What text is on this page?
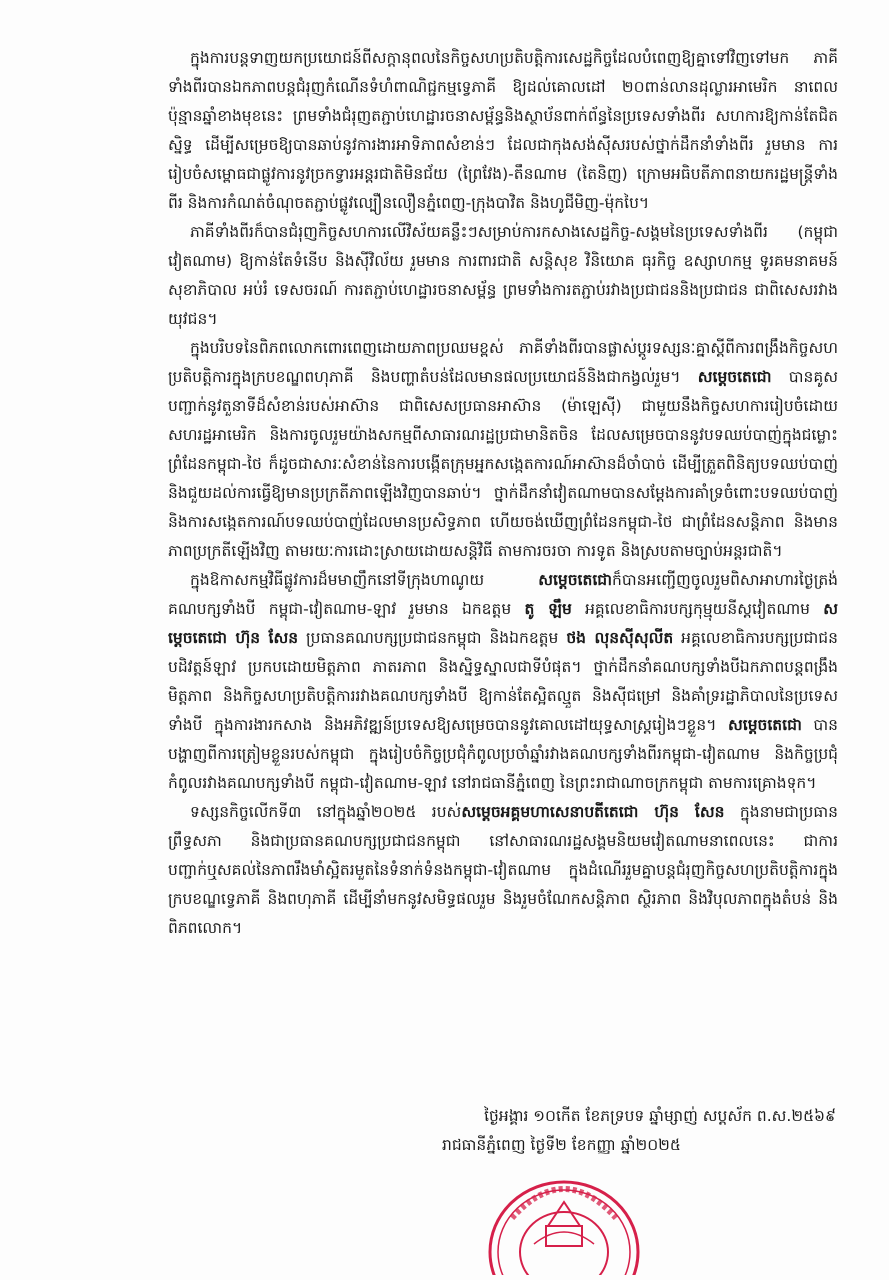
ក្នុងការបន្តទាញយកប្រយោជន៍ពីសក្តានុពលនៃកិច្ចសហប្រតិបត្តិការសេដ្ឋកិច្ចដែលបំពេញឱ្យគ្នាទៅវិញទៅមក ភាគីទាំងពីរបានឯកភាពបន្តជំរុញកំណើនទំហំពាណិជ្ជកម្មទ្វេភាគី ឱ្យដល់គោលដៅ ២០ពាន់លានដុល្លារអាមេរិក នាពេលប៉ុន្មានឆ្នាំខាងមុខនេះ ព្រមទាំងជំរុញតភ្ជាប់ហេដ្ឋារចនាសម្ព័ន្ធនិងស្ថាប័នពាក់ព័ន្ធនៃប្រទេសទាំងពីរ សហការឱ្យកាន់តែជិតស្និទ្ធ ដើម្បីសម្រេចឱ្យបានឆាប់នូវការងារអាទិភាពសំខាន់ៗ ដែលជាកុងសង់ស៊ីសរបស់ថ្នាក់ដឹកនាំទាំងពីរ រួមមាន ការរៀបចំសម្ពោធជាផ្លូវការនូវច្រកទ្វារអន្តរជាតិមិនជ័យ (ព្រៃវែង)-តឹនណាម (តៃនិញ) ក្រោមអធិបតីភាពនាយករដ្ឋមន្ត្រីទាំងពីរ និងការកំណត់ចំណុចតភ្ជាប់ផ្លូវល្បឿនលឿនភ្នំពេញ-ក្រុងបាវិត និងហូជីមិញ-ម៉ុកបៃ។

ភាគីទាំងពីរក៏បានជំរុញកិច្ចសហការលើវិស័យគន្លឹះៗសម្រាប់ការកសាងសេដ្ឋកិច្ច-សង្គមនៃប្រទេសទាំងពីរ (កម្ពុជា វៀតណាម) ឱ្យកាន់តែទំនើប និងស៊ីវិល័យ រួមមាន ការពារជាតិ សន្តិសុខ វិនិយោគ ធុរកិច្ច ឧស្សាហកម្ម ទូរគមនាគមន៍ សុខាភិបាល អប់រំ ទេសចរណ៍ ការតភ្ជាប់ហេដ្ឋារចនាសម្ព័ន្ធ ព្រមទាំងការតភ្ជាប់រវាងប្រជាជននិងប្រជាជន ជាពិសេសរវាងយុវជន។

ក្នុងបរិបទនៃពិភពលោកពោរពេញដោយភាពប្រឈមខ្ពស់ ភាគីទាំងពីរបានផ្លាស់ប្តូរទស្សនៈគ្នាស្តីពីការពង្រឹងកិច្ចសហប្រតិបត្តិការក្នុងក្របខណ្ឌពហុភាគី និងបញ្ហាតំបន់ដែលមានផលប្រយោជន៍និងជាកង្វល់រួម។ សម្តេចតេជោ បានគូសបញ្ជាក់នូវតួនាទីដ៏សំខាន់របស់អាស៊ាន ជាពិសេសប្រធានអាស៊ាន (ម៉ាឡេស៊ី) ជាមួយនឹងកិច្ចសហការរៀបចំដោយសហរដ្ឋអាមេរិក និងការចូលរួមយ៉ាងសកម្មពីសាធារណរដ្ឋប្រជាមានិតចិន ដែលសម្រេចបាននូវបទឈប់បាញ់ក្នុងជម្លោះព្រំដែនកម្ពុជា-ថៃ ក៏ដូចជាសារៈសំខាន់នៃការបង្កើតក្រុមអ្នកសង្កេតការណ៍អាស៊ានដ៏ចាំបាច់ ដើម្បីត្រួតពិនិត្យបទឈប់បាញ់ និងជួយដល់ការធ្វើឱ្យមានប្រក្រតីភាពឡើងវិញបានឆាប់។ ថ្នាក់ដឹកនាំវៀតណាមបានសម្តែងការគាំទ្រចំពោះបទឈប់បាញ់និងការសង្កេតការណ៍បទឈប់បាញ់ដែលមានប្រសិទ្ធភាព ហើយចង់ឃើញព្រំដែនកម្ពុជា-ថៃ ជាព្រំដែនសន្តិភាព និងមានភាពប្រក្រតីឡើងវិញ តាមរយៈការដោះស្រាយដោយសន្តិវិធី តាមការចរចា ការទូត និងស្របតាមច្បាប់អន្តរជាតិ។

ក្នុងឱកាសកម្មវិធីផ្លូវការដ៏មមាញឹកនៅទីក្រុងហាណូយ សម្តេចតេជោក៏បានអញ្ជើញចូលរួមពិសាអាហារថ្ងៃត្រង់គណបក្សទាំងបី កម្ពុជា-វៀតណាម-ឡាវ រួមមាន ឯកឧត្តម តូ ឡឹម អគ្គលេខាធិការបក្សកុម្មុយនីស្តវៀតណាម សម្តេចតេជោ ហ៊ុន សែន ប្រធានគណបក្សប្រជាជនកម្ពុជា និងឯកឧត្តម ថង លុនស៊ីសុលីត អគ្គលេខាធិការបក្សប្រជាជនបដិវត្តន៍ឡាវ ប្រកបដោយមិត្តភាព ភាតរភាព និងស្និទ្ធស្នាលជាទីបំផុត។ ថ្នាក់ដឹកនាំគណបក្សទាំងបីឯកភាពបន្តពង្រឹងមិត្តភាព និងកិច្ចសហប្រតិបត្តិការរវាងគណបក្សទាំងបី ឱ្យកាន់តែស្អិតល្មួត និងស៊ីជម្រៅ និងគាំទ្ររដ្ឋាភិបាលនៃប្រទេសទាំងបី ក្នុងការងារកសាង និងអភិវឌ្ឍន៍ប្រទេសឱ្យសម្រេចបាននូវគោលដៅយុទ្ធសាស្ត្ររៀងៗខ្លួន។ សម្តេចតេជោ បានបង្ហាញពីការត្រៀមខ្លួនរបស់កម្ពុជា ក្នុងរៀបចំកិច្ចប្រជុំកំពូលប្រចាំឆ្នាំរវាងគណបក្សទាំងពីរកម្ពុជា-វៀតណាម និងកិច្ចប្រជុំកំពូលរវាងគណបក្សទាំងបី កម្ពុជា-វៀតណាម-ឡាវ នៅរាជធានីភ្នំពេញ នៃព្រះរាជាណាចក្រកម្ពុជា តាមការគ្រោងទុក។

ទស្សនកិច្ចលើកទី៣ នៅក្នុងឆ្នាំ២០២៥ របស់សម្តេចអគ្គមហាសេនាបតីតេជោ ហ៊ុន សែន ក្នុងនាមជាប្រធានព្រឹទ្ធសភា និងជាប្រធានគណបក្សប្រជាជនកម្ពុជា នៅសាធារណរដ្ឋសង្គមនិយមវៀតណាមនាពេលនេះ ជាការបញ្ជាក់ឬសគល់នៃភាពរឹងមាំស្អិតរមួតនៃទំនាក់ទំនងកម្ពុជា-វៀតណាម ក្នុងដំណើររួមគ្នាបន្តជំរុញកិច្ចសហប្រតិបត្តិការក្នុងក្របខណ្ឌទ្វេភាគី និងពហុភាគី ដើម្បីនាំមកនូវសមិទ្ធផលរួម និងរួមចំណែកសន្តិភាព ស្ថិរភាព និងវិបុលភាពក្នុងតំបន់ និងពិភពលោក។

ថ្ងៃអង្គារ ១០កើត ខែភទ្របទ ឆ្នាំម្សាញ់ សប្តស័ក ព.ស.២៥៦៩
រាជធានីភ្នំពេញ ថ្ងៃទី២ ខែកញ្ញា ឆ្នាំ២០២៥
